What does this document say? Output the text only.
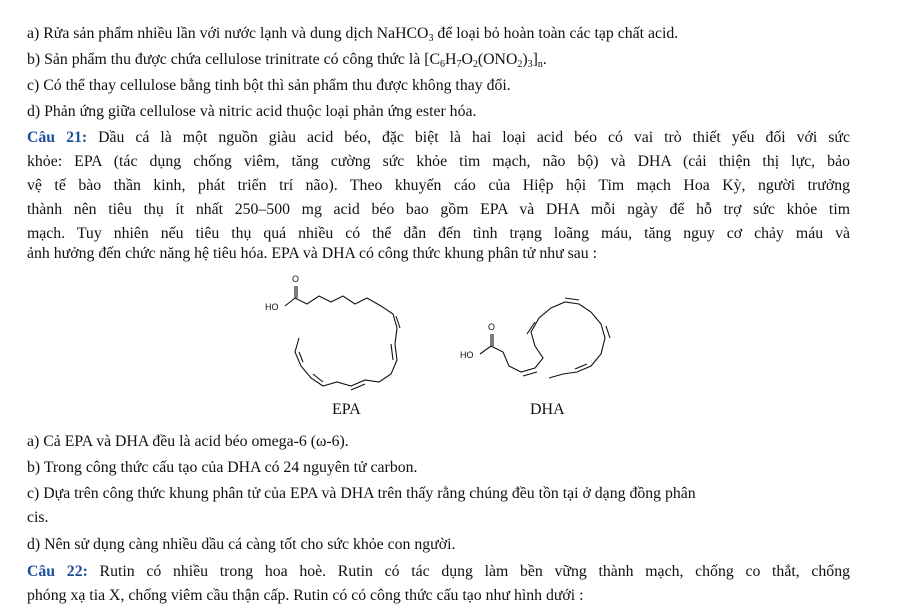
a) Rửa sản phẩm nhiều lần với nước lạnh và dung dịch NaHCO$_3$ để loại bỏ hoàn toàn các tạp chất acid.
b) Sản phẩm thu được chứa cellulose trinitrate có công thức là $[C_6H_7O_2(ONO_2)_3]_n$.
c) Có thể thay cellulose bằng tinh bột thì sản phẩm thu được không thay đổi.
d) Phản ứng giữa cellulose và nitric acid thuộc loại phản ứng ester hóa.
Câu 21: Dầu cá là một nguồn giàu acid béo, đặc biệt là hai loại acid béo có vai trò thiết yếu đối với sức
khỏe: EPA (tác dụng chống viêm, tăng cường sức khỏe tim mạch, não bộ) và DHA (cải thiện thị lực, bảo
vệ tế bào thần kinh, phát triển trí não). Theo khuyến cáo của Hiệp hội Tim mạch Hoa Kỳ, người trưởng
thành nên tiêu thụ ít nhất 250–500 mg acid béo bao gồm EPA và DHA mỗi ngày để hỗ trợ sức khỏe tim
mạch. Tuy nhiên nếu tiêu thụ quá nhiều có thể dẫn đến tình trạng loãng máu, tăng nguy cơ chảy máu và
ảnh hưởng đến chức năng hệ tiêu hóa. EPA và DHA có công thức khung phân tử như sau :
HO
O
HO
O
EPA	DHA
a) Cả EPA và DHA đều là acid béo omega-6 (ω-6).
b) Trong công thức cấu tạo của DHA có 24 nguyên tử carbon.
c) Dựa trên công thức khung phân tử của EPA và DHA trên thấy rằng chúng đều tồn tại ở dạng đồng phân
cis.
d) Nên sử dụng càng nhiều dầu cá càng tốt cho sức khỏe con người.
Câu 22: Rutin có nhiều trong hoa hoè. Rutin có tác dụng làm bền vững thành mạch, chống co thắt, chống
phóng xạ tia X, chống viêm cầu thận cấp. Rutin có có công thức cấu tạo như hình dưới :
